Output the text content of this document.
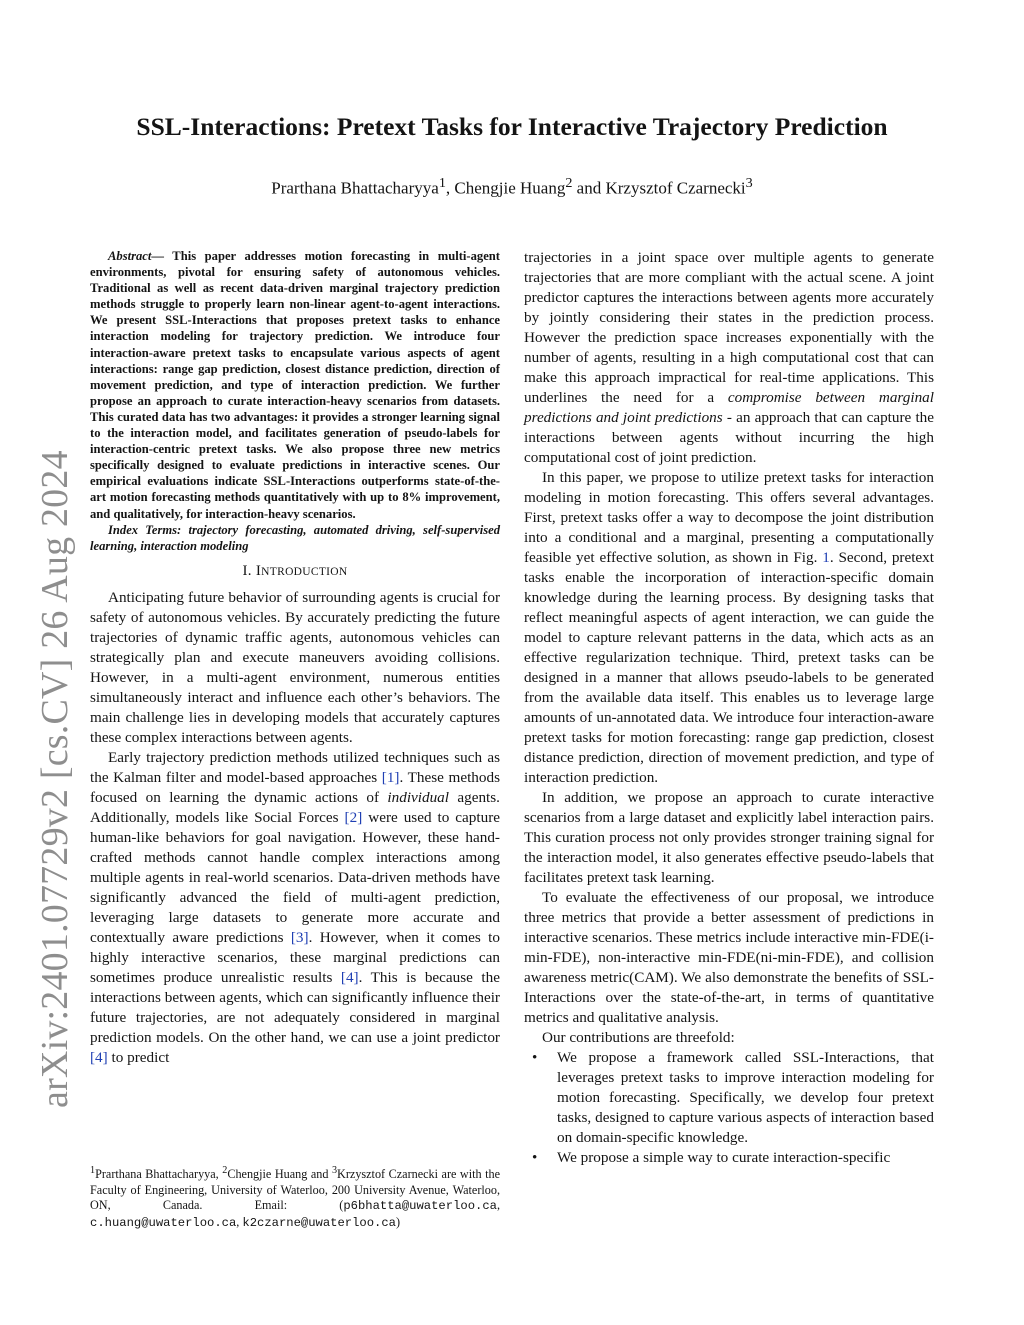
arXiv:2401.07729v2 [cs.CV] 26 Aug 2024
SSL-Interactions: Pretext Tasks for Interactive Trajectory Prediction
Prarthana Bhattacharyya$^1$, Chengjie Huang$^2$ and Krzysztof Czarnecki$^3$

Abstract— This paper addresses motion forecasting in multi-agent environments, pivotal for ensuring safety of autonomous vehicles. Traditional as well as recent data-driven marginal trajectory prediction methods struggle to properly learn non-linear agent-to-agent interactions. We present SSL-Interactions that proposes pretext tasks to enhance interaction modeling for trajectory prediction. We introduce four interaction-aware pretext tasks to encapsulate various aspects of agent interactions: range gap prediction, closest distance prediction, direction of movement prediction, and type of interaction prediction. We further propose an approach to curate interaction-heavy scenarios from datasets. This curated data has two advantages: it provides a stronger learning signal to the interaction model, and facilitates generation of pseudo-labels for interaction-centric pretext tasks. We also propose three new metrics specifically designed to evaluate predictions in interactive scenes. Our empirical evaluations indicate SSL-Interactions outperforms state-of-the-art motion forecasting methods quantitatively with up to 8% improvement, and qualitatively, for interaction-heavy scenarios.

Index Terms: trajectory forecasting, automated driving, self-supervised learning, interaction modeling

I. INTRODUCTION

Anticipating future behavior of surrounding agents is crucial for safety of autonomous vehicles. By accurately predicting the future trajectories of dynamic traffic agents, autonomous vehicles can strategically plan and execute maneuvers avoiding collisions. However, in a multi-agent environment, numerous entities simultaneously interact and influence each other’s behaviors. The main challenge lies in developing models that accurately captures these complex interactions between agents.

Early trajectory prediction methods utilized techniques such as the Kalman filter and model-based approaches [1]. These methods focused on learning the dynamic actions of individual agents. Additionally, models like Social Forces [2] were used to capture human-like behaviors for goal navigation. However, these hand-crafted methods cannot handle complex interactions among multiple agents in real-world scenarios. Data-driven methods have significantly advanced the field of multi-agent prediction, leveraging large datasets to generate more accurate and contextually aware predictions [3]. However, when it comes to highly interactive scenarios, these marginal predictions can sometimes produce unrealistic results [4]. This is because the interactions between agents, which can significantly influence their future trajectories, are not adequately considered in marginal prediction models. On the other hand, we can use a joint predictor [4] to predict

$^1$Prarthana Bhattacharyya, $^2$Chengjie Huang and $^3$Krzysztof Czarnecki are with the Faculty of Engineering, University of Waterloo, 200 University Avenue, Waterloo, ON, Canada. Email: (p6bhatta@uwaterloo.ca, c.huang@uwaterloo.ca, k2czarne@uwaterloo.ca)

trajectories in a joint space over multiple agents to generate trajectories that are more compliant with the actual scene. A joint predictor captures the interactions between agents more accurately by jointly considering their states in the prediction process. However the prediction space increases exponentially with the number of agents, resulting in a high computational cost that can make this approach impractical for real-time applications. This underlines the need for a compromise between marginal predictions and joint predictions - an approach that can capture the interactions between agents without incurring the high computational cost of joint prediction.

In this paper, we propose to utilize pretext tasks for interaction modeling in motion forecasting. This offers several advantages. First, pretext tasks offer a way to decompose the joint distribution into a conditional and a marginal, presenting a computationally feasible yet effective solution, as shown in Fig. 1. Second, pretext tasks enable the incorporation of interaction-specific domain knowledge during the learning process. By designing tasks that reflect meaningful aspects of agent interaction, we can guide the model to capture relevant patterns in the data, which acts as an effective regularization technique. Third, pretext tasks can be designed in a manner that allows pseudo-labels to be generated from the available data itself. This enables us to leverage large amounts of un-annotated data. We introduce four interaction-aware pretext tasks for motion forecasting: range gap prediction, closest distance prediction, direction of movement prediction, and type of interaction prediction.

In addition, we propose an approach to curate interactive scenarios from a large dataset and explicitly label interaction pairs. This curation process not only provides stronger training signal for the interaction model, it also generates effective pseudo-labels that facilitates pretext task learning.

To evaluate the effectiveness of our proposal, we introduce three metrics that provide a better assessment of predictions in interactive scenarios. These metrics include interactive min-FDE(i-min-FDE), non-interactive min-FDE(ni-min-FDE), and collision awareness metric(CAM). We also demonstrate the benefits of SSL-Interactions over the state-of-the-art, in terms of quantitative metrics and qualitative analysis.

Our contributions are threefold:

•	We propose a framework called SSL-Interactions, that leverages pretext tasks to improve interaction modeling for motion forecasting. Specifically, we develop four pretext tasks, designed to capture various aspects of interaction based on domain-specific knowledge.
•	We propose a simple way to curate interaction-specific
